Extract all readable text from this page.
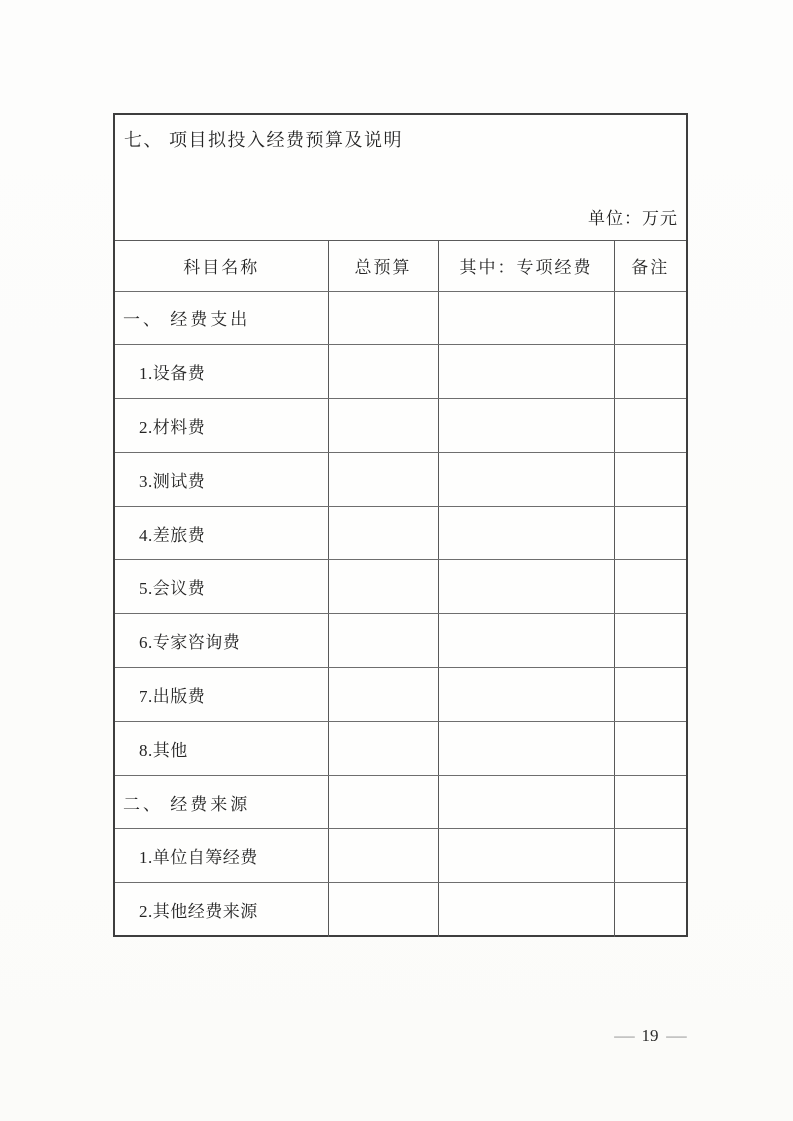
七、 项目拟投入经费预算及说明
单位：万元
科目名称	总预算	其中：专项经费	备注
一、 经费支出			
1.设备费			
2.材料费			
3.测试费			
4.差旅费			
5.会议费			
6.专家咨询费			
7.出版费			
8.其他			
二、 经费来源			
1.单位自筹经费			
2.其他经费来源			
— 19 —
